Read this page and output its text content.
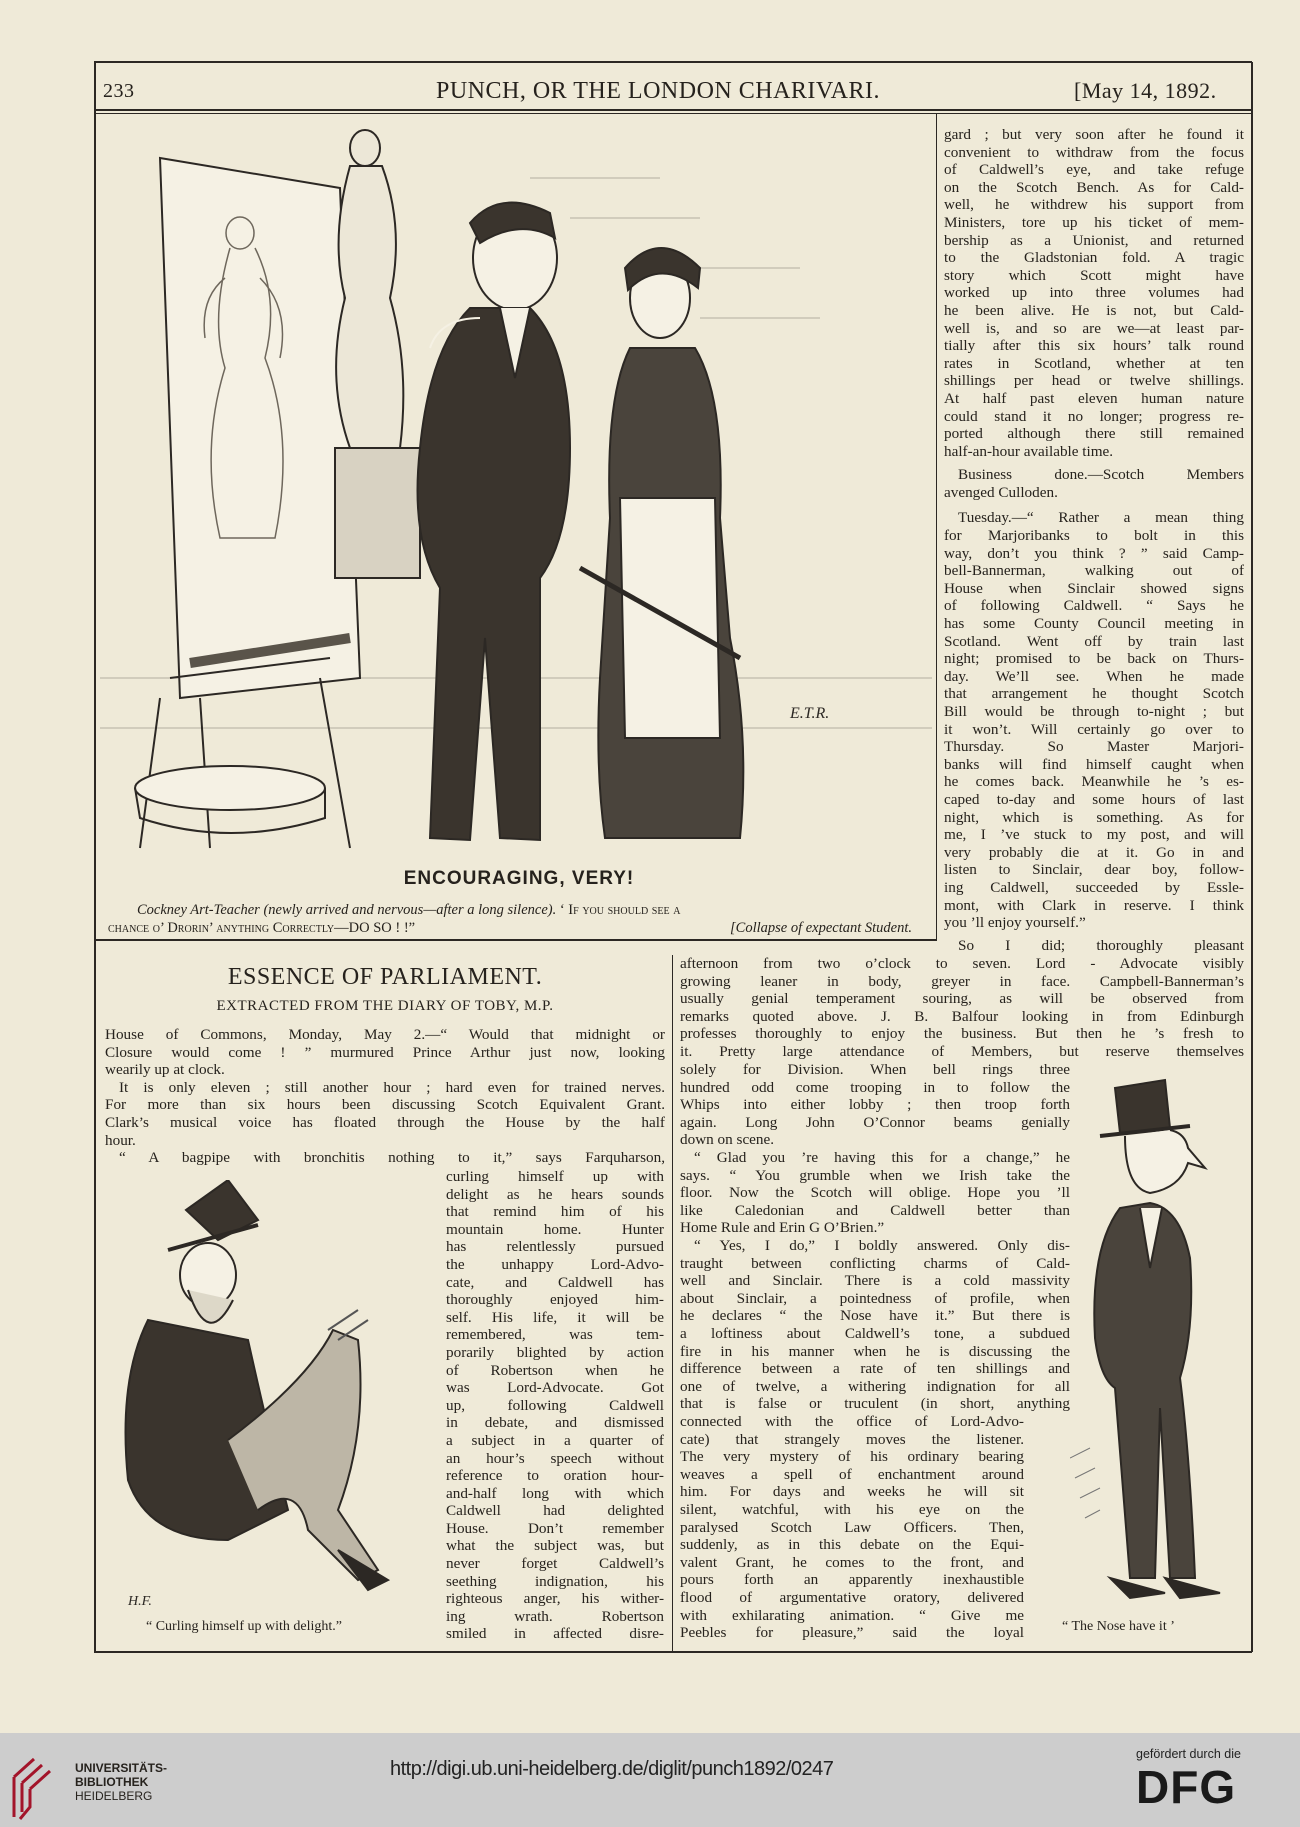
233	PUNCH, OR THE LONDON CHARIVARI.	[May 14, 1892.
E.T.R.
ENCOURAGING, VERY!
Cockney Art-Teacher (newly arrived and nervous—after a long silence). ‘ If you should see a
chance o’ Drorin’ anything Correctly—DO SO ! !”	[Collapse of expectant Student.
gard ; but very soon after he found it
convenient to withdraw from the focus
of Caldwell’s eye, and take refuge
on the Scotch Bench. As for Cald-
well, he withdrew his support from
Ministers, tore up his ticket of mem-
bership as a Unionist, and returned
to the Gladstonian fold. A tragic
story which Scott might have
worked up into three volumes had
he been alive. He is not, but Cald-
well is, and so are we—at least par-
tially after this six hours’ talk round
rates in Scotland, whether at ten
shillings per head or twelve shillings.
At half past eleven human nature
could stand it no longer; progress re-
ported although there still remained
half-an-hour available time.
Business done.—Scotch Members
avenged Culloden.
Tuesday.—“ Rather a mean thing
for Marjoribanks to bolt in this
way, don’t you think ? ” said Camp-
bell-Bannerman, walking out of
House when Sinclair showed signs
of following Caldwell. “ Says he
has some County Council meeting in
Scotland. Went off by train last
night; promised to be back on Thurs-
day. We’ll see. When he made
that arrangement he thought Scotch
Bill would be through to-night ; but
it won’t. Will certainly go over to
Thursday. So Master Marjori-
banks will find himself caught when
he comes back. Meanwhile he ’s es-
caped to-day and some hours of last
night, which is something. As for
me, I ’ve stuck to my post, and will
very probably die at it. Go in and
listen to Sinclair, dear boy, follow-
ing Caldwell, succeeded by Essle-
mont, with Clark in reserve. I think
you ’ll enjoy yourself.”
So I did; thoroughly pleasant
ESSENCE OF PARLIAMENT.
EXTRACTED FROM THE DIARY OF TOBY, M.P.
House of Commons, Monday, May 2.—“ Would that midnight or
Closure would come ! ” murmured Prince Arthur just now, looking
wearily up at clock.
It is only eleven ; still another hour ; hard even for trained nerves.
For more than six hours been discussing Scotch Equivalent Grant.
Clark’s musical voice has floated through the House by the half
hour.
“ A bagpipe with bronchitis nothing to it,” says Farquharson,
curling himself up with
delight as he hears sounds
that remind him of his
mountain home. Hunter
has relentlessly pursued
the unhappy Lord-Advo-
cate, and Caldwell has
thoroughly enjoyed him-
self. His life, it will be
remembered, was tem-
porarily blighted by action
of Robertson when he
was Lord-Advocate. Got
up, following Caldwell
in debate, and dismissed
a subject in a quarter of
an hour’s speech without
reference to oration hour-
and-half long with which
Caldwell had delighted
House. Don’t remember
what the subject was, but
never forget Caldwell’s
seething indignation, his
righteous anger, his wither-
ing wrath. Robertson
smiled in affected disre-
afternoon from two o’clock to seven. Lord - Advocate visibly
growing leaner in body, greyer in face. Campbell-Bannerman’s
usually genial temperament souring, as will be observed from
remarks quoted above. J. B. Balfour looking in from Edinburgh
professes thoroughly to enjoy the business. But then he ’s fresh to
it. Pretty large attendance of Members, but reserve themselves
solely for Division. When bell rings three
hundred odd come trooping in to follow the
Whips into either lobby ; then troop forth
again. Long John O’Connor beams genially
down on scene.
“ Glad you ’re having this for a change,” he
says. “ You grumble when we Irish take the
floor. Now the Scotch will oblige. Hope you ’ll
like Caledonian and Caldwell better than
Home Rule and Erin G O’Brien.”
“ Yes, I do,” I boldly answered. Only dis-
traught between conflicting charms of Cald-
well and Sinclair. There is a cold massivity
about Sinclair, a pointedness of profile, when
he declares “ the Nose have it.” But there is
a loftiness about Caldwell’s tone, a subdued
fire in his manner when he is discussing the
difference between a rate of ten shillings and
one of twelve, a withering indignation for all
that is false or truculent (in short, anything
connected with the office of Lord-Advo-
cate) that strangely moves the listener.
The very mystery of his ordinary bearing
weaves a spell of enchantment around
him. For days and weeks he will sit
silent, watchful, with his eye on the
paralysed Scotch Law Officers. Then,
suddenly, as in this debate on the Equi-
valent Grant, he comes to the front, and
pours forth an apparently inexhaustible
flood of argumentative oratory, delivered
with exhilarating animation. “ Give me
Peebles for pleasure,” said the loyal
H.F.
“ Curling himself up with delight.”	“ The Nose have it ’
UNIVERSITÄTS-
BIBLIOTHEK
HEIDELBERG
http://digi.ub.uni-heidelberg.de/diglit/punch1892/0247
gefördert durch die
DFG
